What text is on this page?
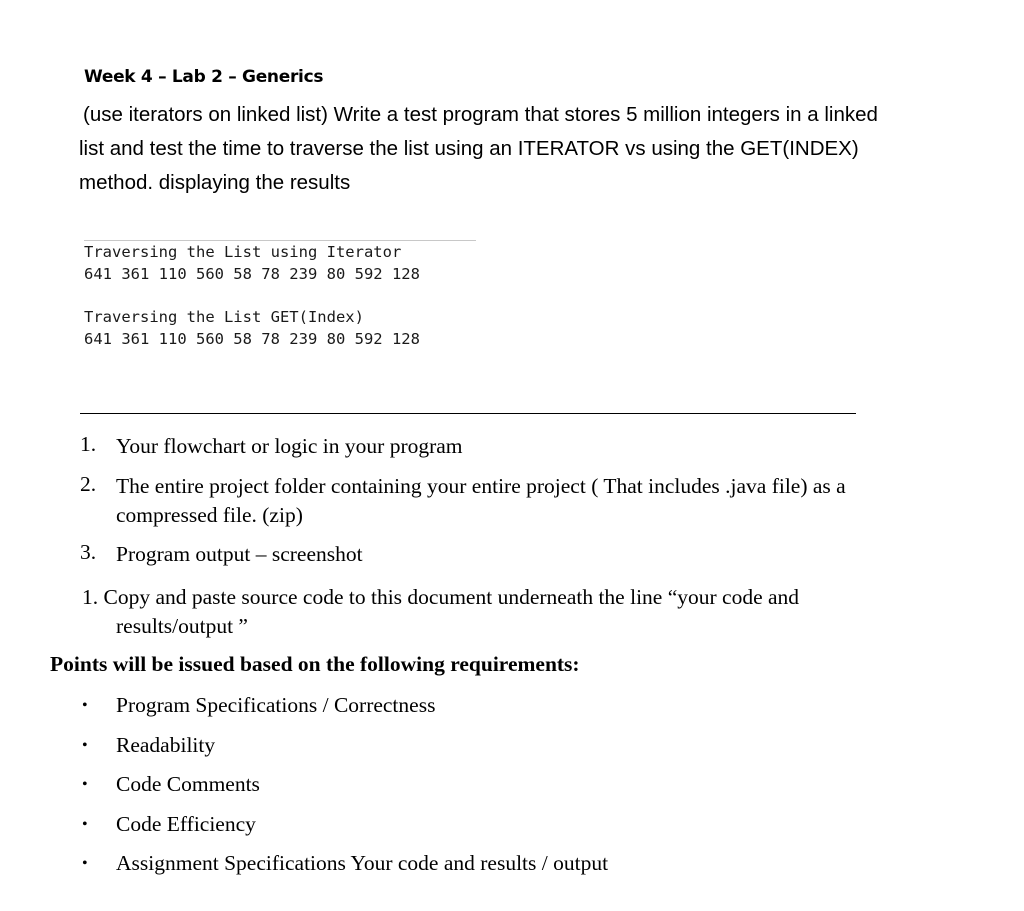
Week 4 – Lab 2 – Generics
(use iterators on linked list) Write a test program that stores 5 million integers in a linked
list and test the time to traverse the list using an ITERATOR vs using the GET(INDEX)
method. displaying the results
Traversing the List using Iterator
641 361 110 560 58 78 239 80 592 128
Traversing the List GET(Index)
641 361 110 560 58 78 239 80 592 128
1. Your flowchart or logic in your program
2. The entire project folder containing your entire project ( That includes .java file) as a compressed file. (zip)
3. Program output – screenshot
1. Copy and paste source code to this document underneath the line “your code and
results/output ”
Points will be issued based on the following requirements:
• Program Specifications / Correctness
• Readability
• Code Comments
• Code Efficiency
• Assignment Specifications Your code and results / output
